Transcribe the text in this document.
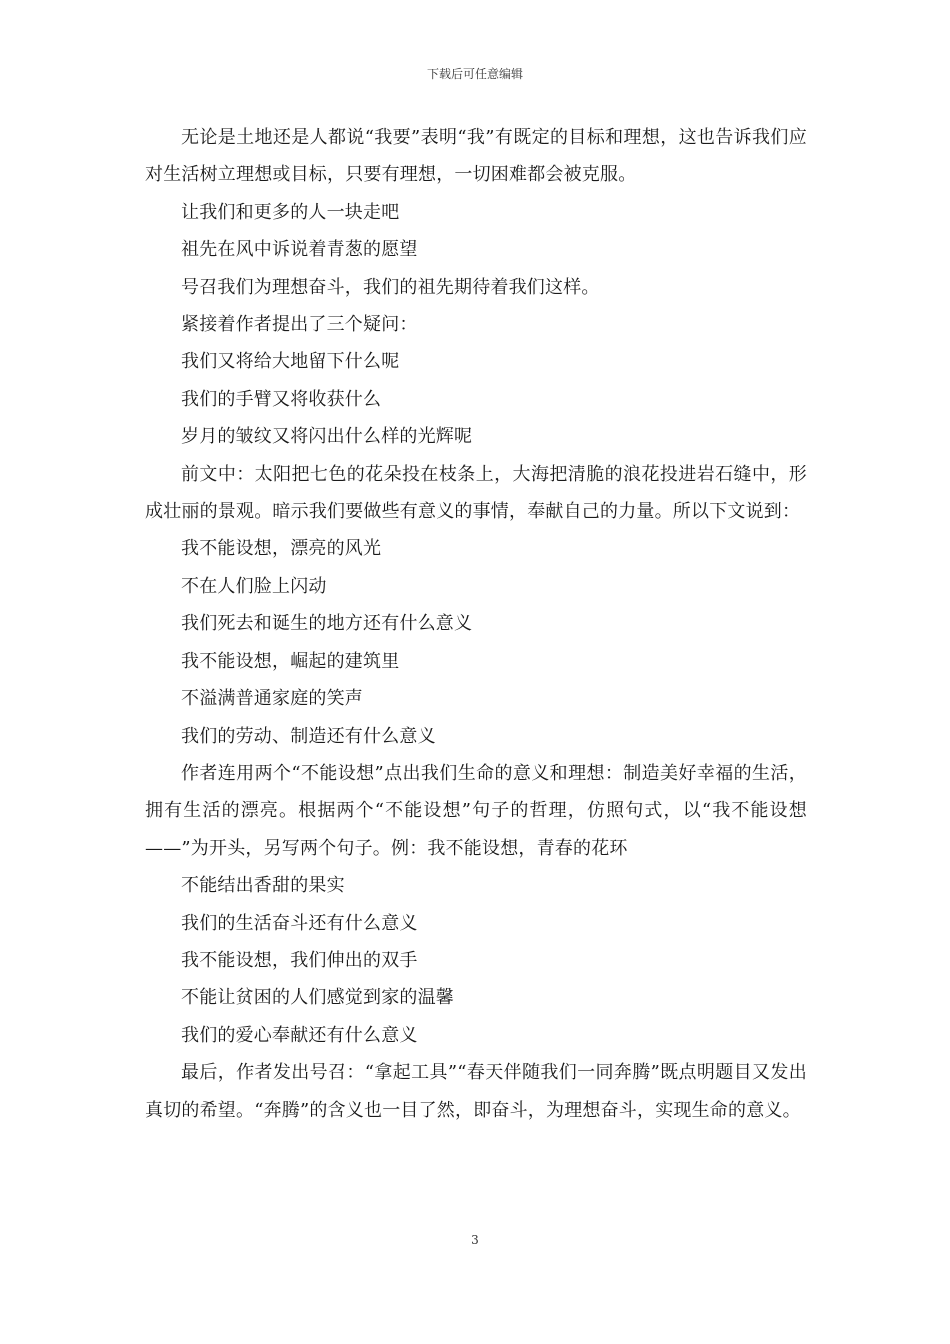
下载后可任意编辑

无论是土地还是人都说“我要”表明“我”有既定的目标和理想，这也告诉我们应对生活树立理想或目标，只要有理想，一切困难都会被克服。

让我们和更多的人一块走吧

祖先在风中诉说着青葱的愿望

号召我们为理想奋斗，我们的祖先期待着我们这样。

紧接着作者提出了三个疑问：

我们又将给大地留下什么呢

我们的手臂又将收获什么

岁月的皱纹又将闪出什么样的光辉呢

前文中：太阳把七色的花朵投在枝条上，大海把清脆的浪花投进岩石缝中，形成壮丽的景观。暗示我们要做些有意义的事情，奉献自己的力量。所以下文说到：

我不能设想，漂亮的风光

不在人们脸上闪动

我们死去和诞生的地方还有什么意义

我不能设想，崛起的建筑里

不溢满普通家庭的笑声

我们的劳动、制造还有什么意义

作者连用两个“不能设想”点出我们生命的意义和理想：制造美好幸福的生活，拥有生活的漂亮。根据两个“不能设想”句子的哲理，仿照句式，以“我不能设想——”为开头，另写两个句子。例：我不能设想，青春的花环

不能结出香甜的果实

我们的生活奋斗还有什么意义

我不能设想，我们伸出的双手

不能让贫困的人们感觉到家的温馨

我们的爱心奉献还有什么意义

最后，作者发出号召：“拿起工具”“春天伴随我们一同奔腾”既点明题目又发出真切的希望。“奔腾”的含义也一目了然，即奋斗，为理想奋斗，实现生命的意义。

3
